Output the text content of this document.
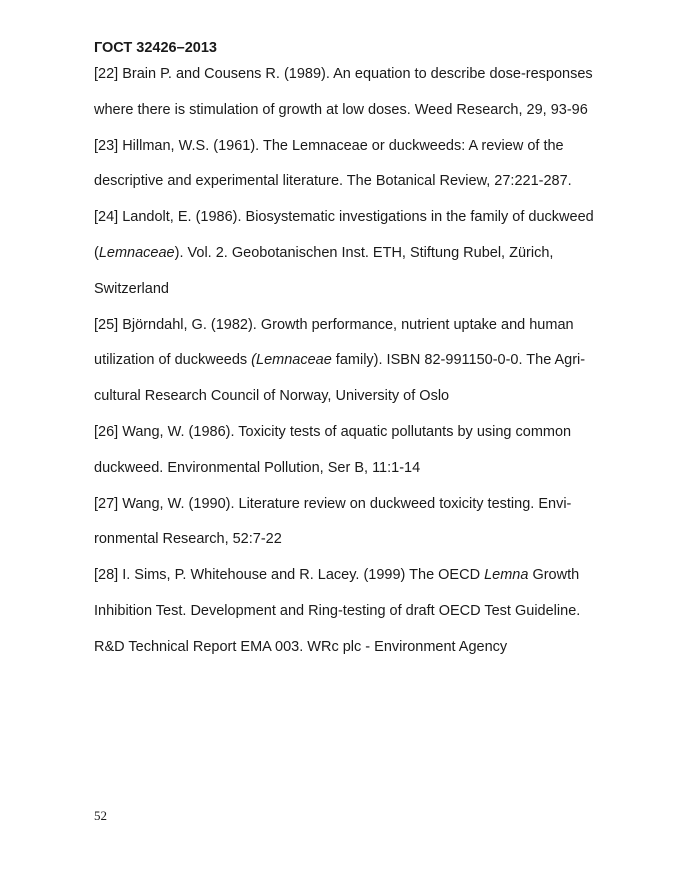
ГОСТ 32426–2013
[22] Brain P. and Cousens R. (1989). An equation to describe dose-responses
where there is stimulation of growth at low doses. Weed Research, 29, 93-96
[23] Hillman, W.S. (1961). The Lemnaceae or duckweeds: A review of the
descriptive and experimental literature. The Botanical Review, 27:221-287.
[24] Landolt, E. (1986). Biosystematic investigations in the family of duckweed
(Lemnaceae). Vol. 2. Geobotanischen Inst. ETH, Stiftung Rubel, Zürich,
Switzerland
[25] Björndahl, G. (1982). Growth performance, nutrient uptake and human
utilization of duckweeds (Lemnaceae family). ISBN 82-991150-0-0. The Agri-
cultural Research Council of Norway, University of Oslo
[26] Wang, W. (1986). Toxicity tests of aquatic pollutants by using common
duckweed. Environmental Pollution, Ser B, 11:1-14
[27] Wang, W. (1990). Literature review on duckweed toxicity testing. Envi-
ronmental Research, 52:7-22
[28] I. Sims, P. Whitehouse and R. Lacey. (1999) The OECD Lemna Growth
Inhibition Test. Development and Ring-testing of draft OECD Test Guideline.
R&D Technical Report EMA 003. WRc plc - Environment Agency
52
